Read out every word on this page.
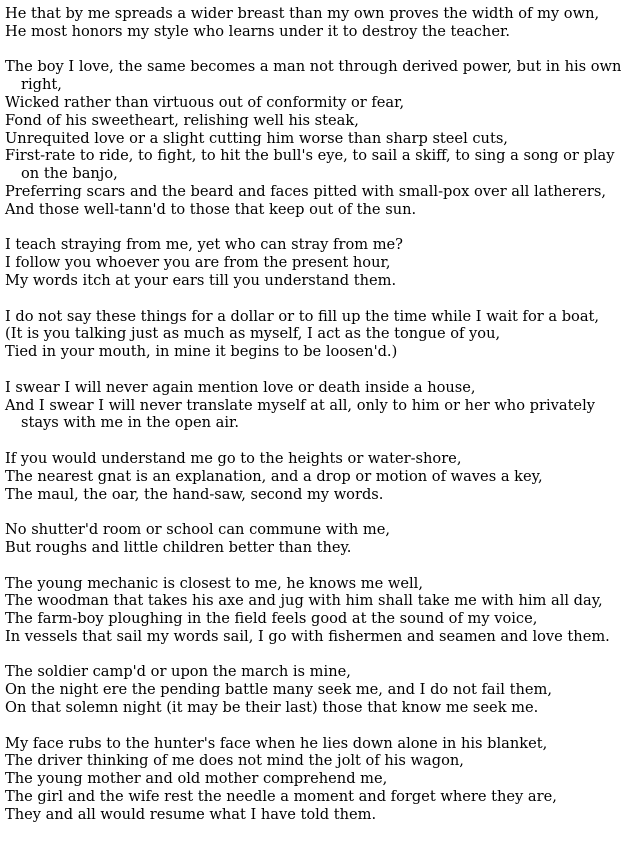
He that by me spreads a wider breast than my own proves the width of my own,
He most honors my style who learns under it to destroy the teacher.
The boy I love, the same becomes a man not through derived power, but in his own right,
Wicked rather than virtuous out of conformity or fear,
Fond of his sweetheart, relishing well his steak,
Unrequited love or a slight cutting him worse than sharp steel cuts,
First-rate to ride, to fight, to hit the bull's eye, to sail a skiff, to sing a song or play on the banjo,
Preferring scars and the beard and faces pitted with small-pox over all latherers,
And those well-tann'd to those that keep out of the sun.
I teach straying from me, yet who can stray from me?
I follow you whoever you are from the present hour,
My words itch at your ears till you understand them.
I do not say these things for a dollar or to fill up the time while I wait for a boat,
(It is you talking just as much as myself, I act as the tongue of you,
Tied in your mouth, in mine it begins to be loosen'd.)
I swear I will never again mention love or death inside a house,
And I swear I will never translate myself at all, only to him or her who privately stays with me in the open air.
If you would understand me go to the heights or water-shore,
The nearest gnat is an explanation, and a drop or motion of waves a key,
The maul, the oar, the hand-saw, second my words.
No shutter'd room or school can commune with me,
But roughs and little children better than they.
The young mechanic is closest to me, he knows me well,
The woodman that takes his axe and jug with him shall take me with him all day,
The farm-boy ploughing in the field feels good at the sound of my voice,
In vessels that sail my words sail, I go with fishermen and seamen and love them.
The soldier camp'd or upon the march is mine,
On the night ere the pending battle many seek me, and I do not fail them,
On that solemn night (it may be their last) those that know me seek me.
My face rubs to the hunter's face when he lies down alone in his blanket,
The driver thinking of me does not mind the jolt of his wagon,
The young mother and old mother comprehend me,
The girl and the wife rest the needle a moment and forget where they are,
They and all would resume what I have told them.
